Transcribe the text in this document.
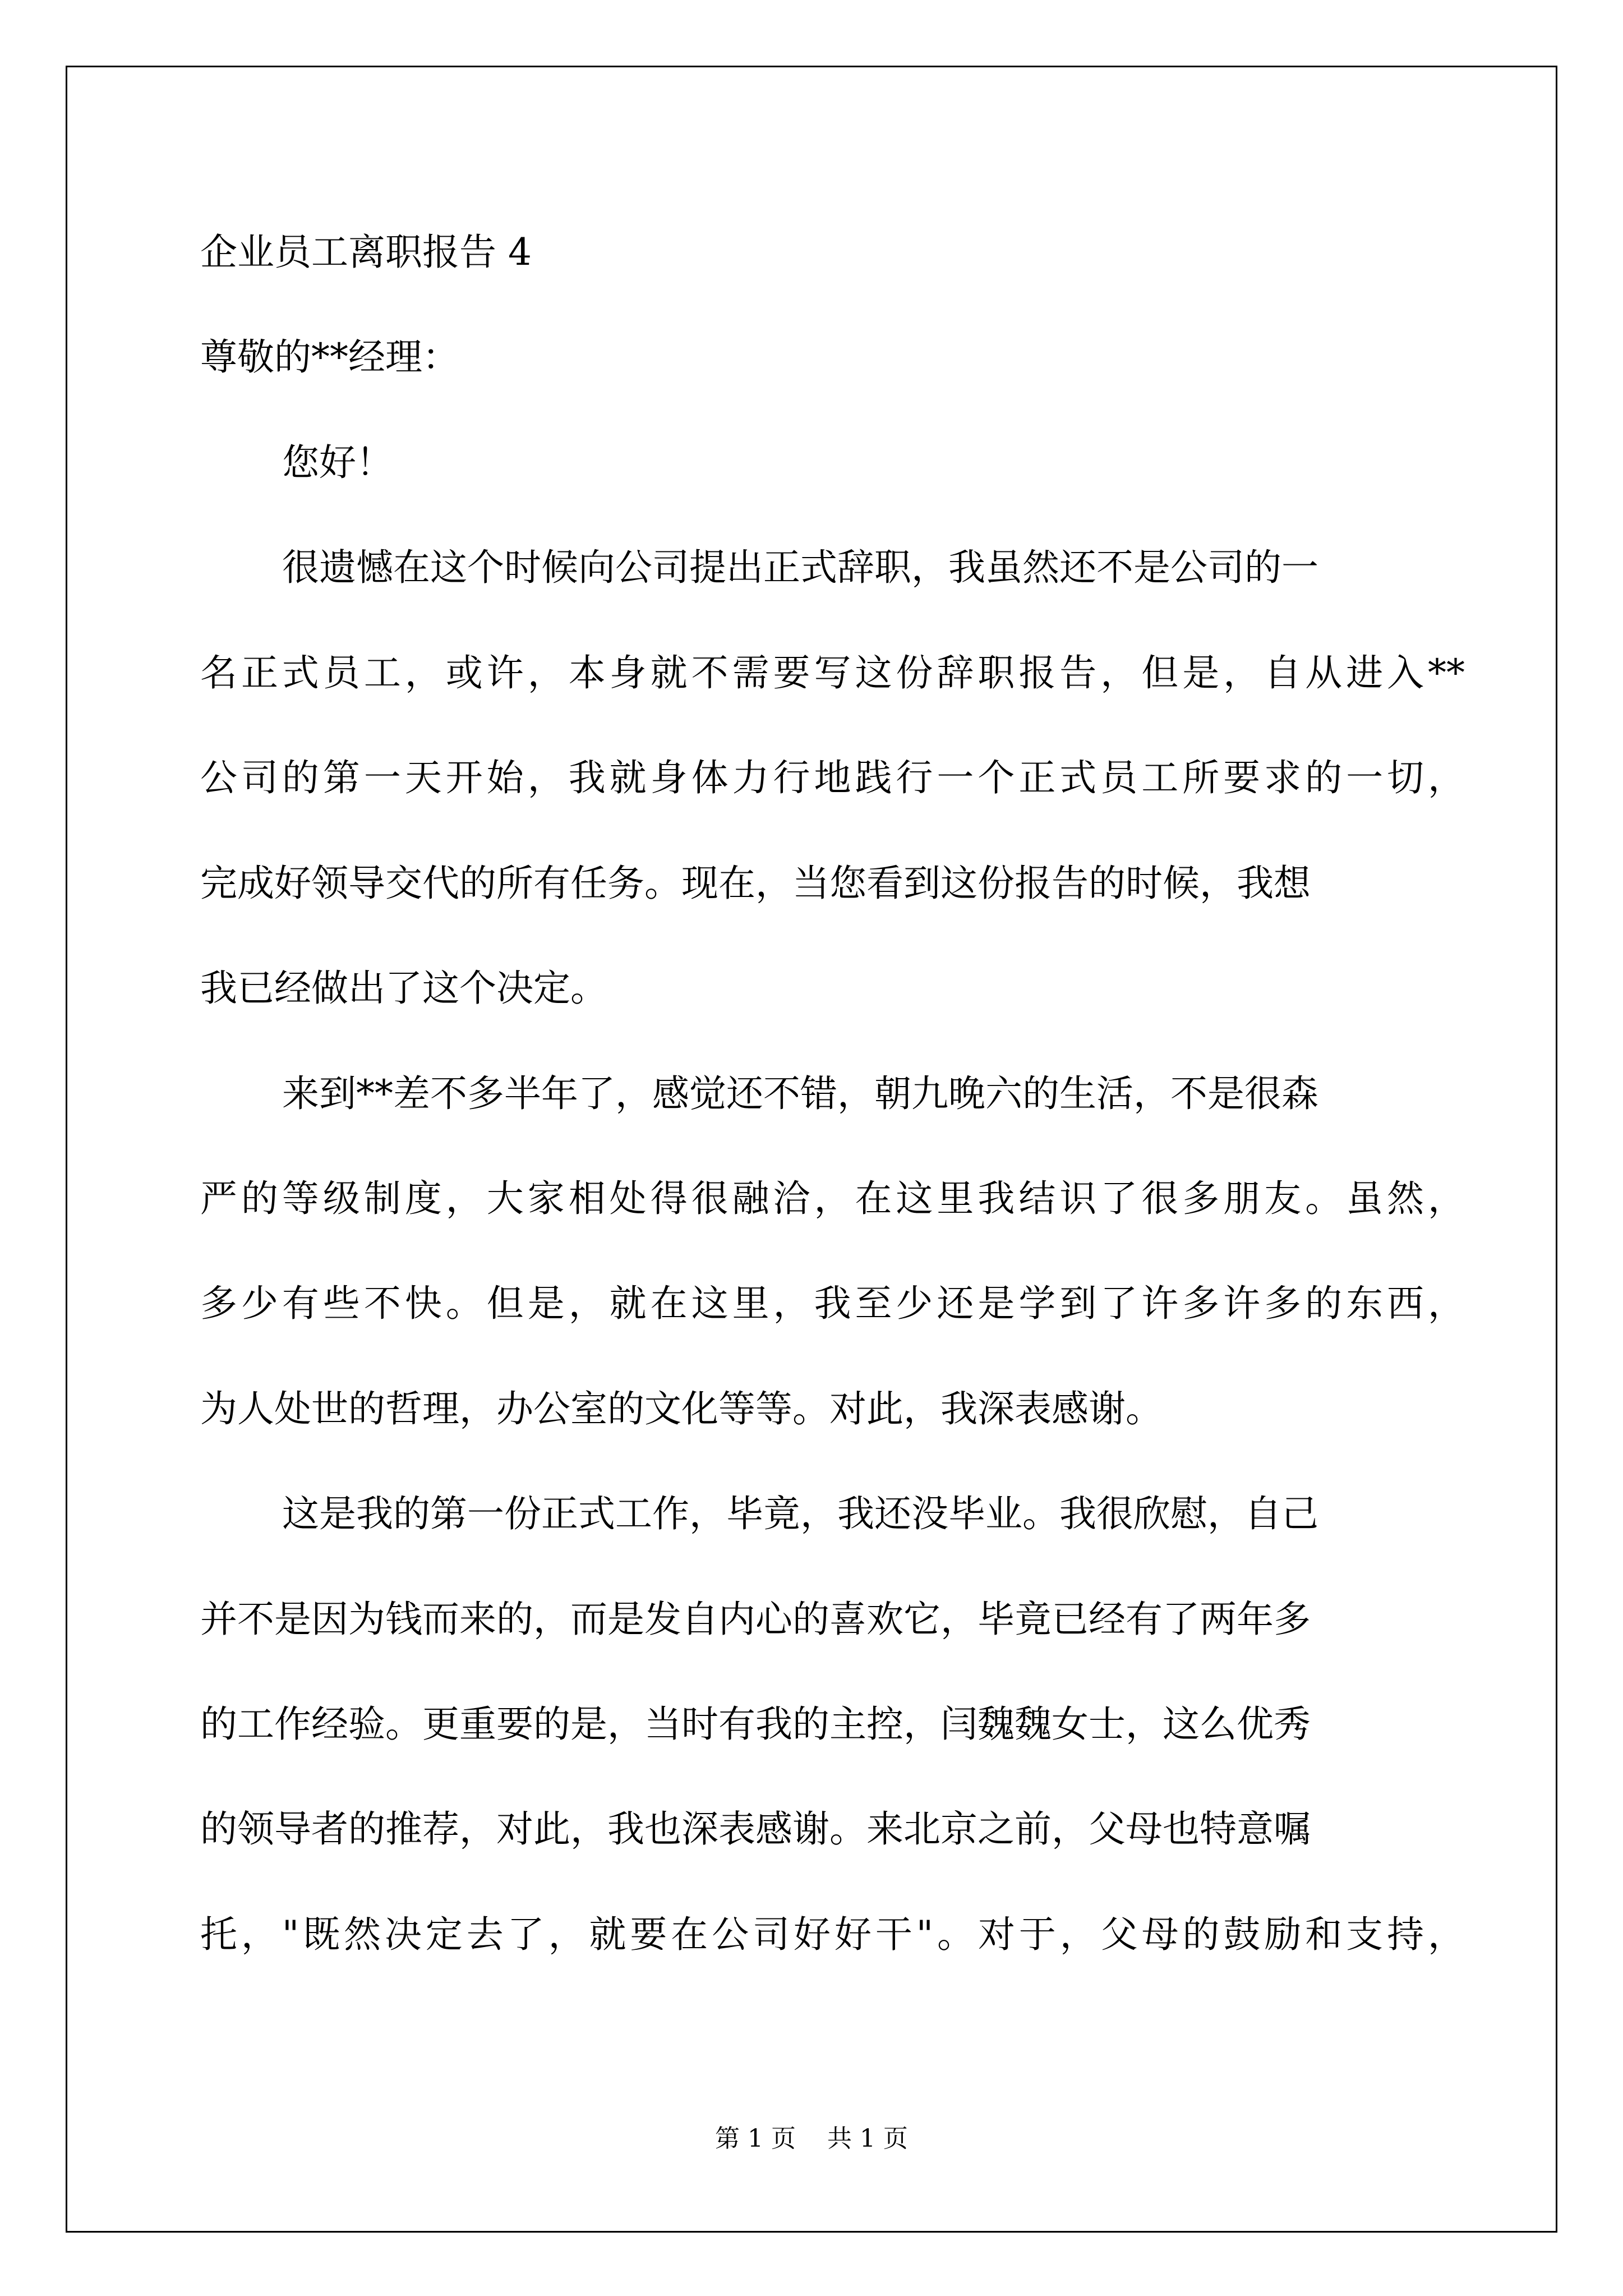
企业员工离职报告 4

尊敬的**经理：

您好！

很遗憾在这个时候向公司提出正式辞职，我虽然还不是公司的一

名正式员工，或许，本身就不需要写这份辞职报告，但是，自从进入**

公司的第一天开始，我就身体力行地践行一个正式员工所要求的一切，

完成好领导交代的所有任务。现在，当您看到这份报告的时候，我想

我已经做出了这个决定。

来到**差不多半年了，感觉还不错，朝九晚六的生活，不是很森

严的等级制度，大家相处得很融洽，在这里我结识了很多朋友。虽然，

多少有些不快。但是，就在这里，我至少还是学到了许多许多的东西，

为人处世的哲理，办公室的文化等等。对此，我深表感谢。

这是我的第一份正式工作，毕竟，我还没毕业。我很欣慰，自己

并不是因为钱而来的，而是发自内心的喜欢它，毕竟已经有了两年多

的工作经验。更重要的是，当时有我的主控，闫魏魏女士，这么优秀

的领导者的推荐，对此，我也深表感谢。来北京之前，父母也特意嘱

托，"既然决定去了，就要在公司好好干"。对于，父母的鼓励和支持，

第 1 页    共 1 页
